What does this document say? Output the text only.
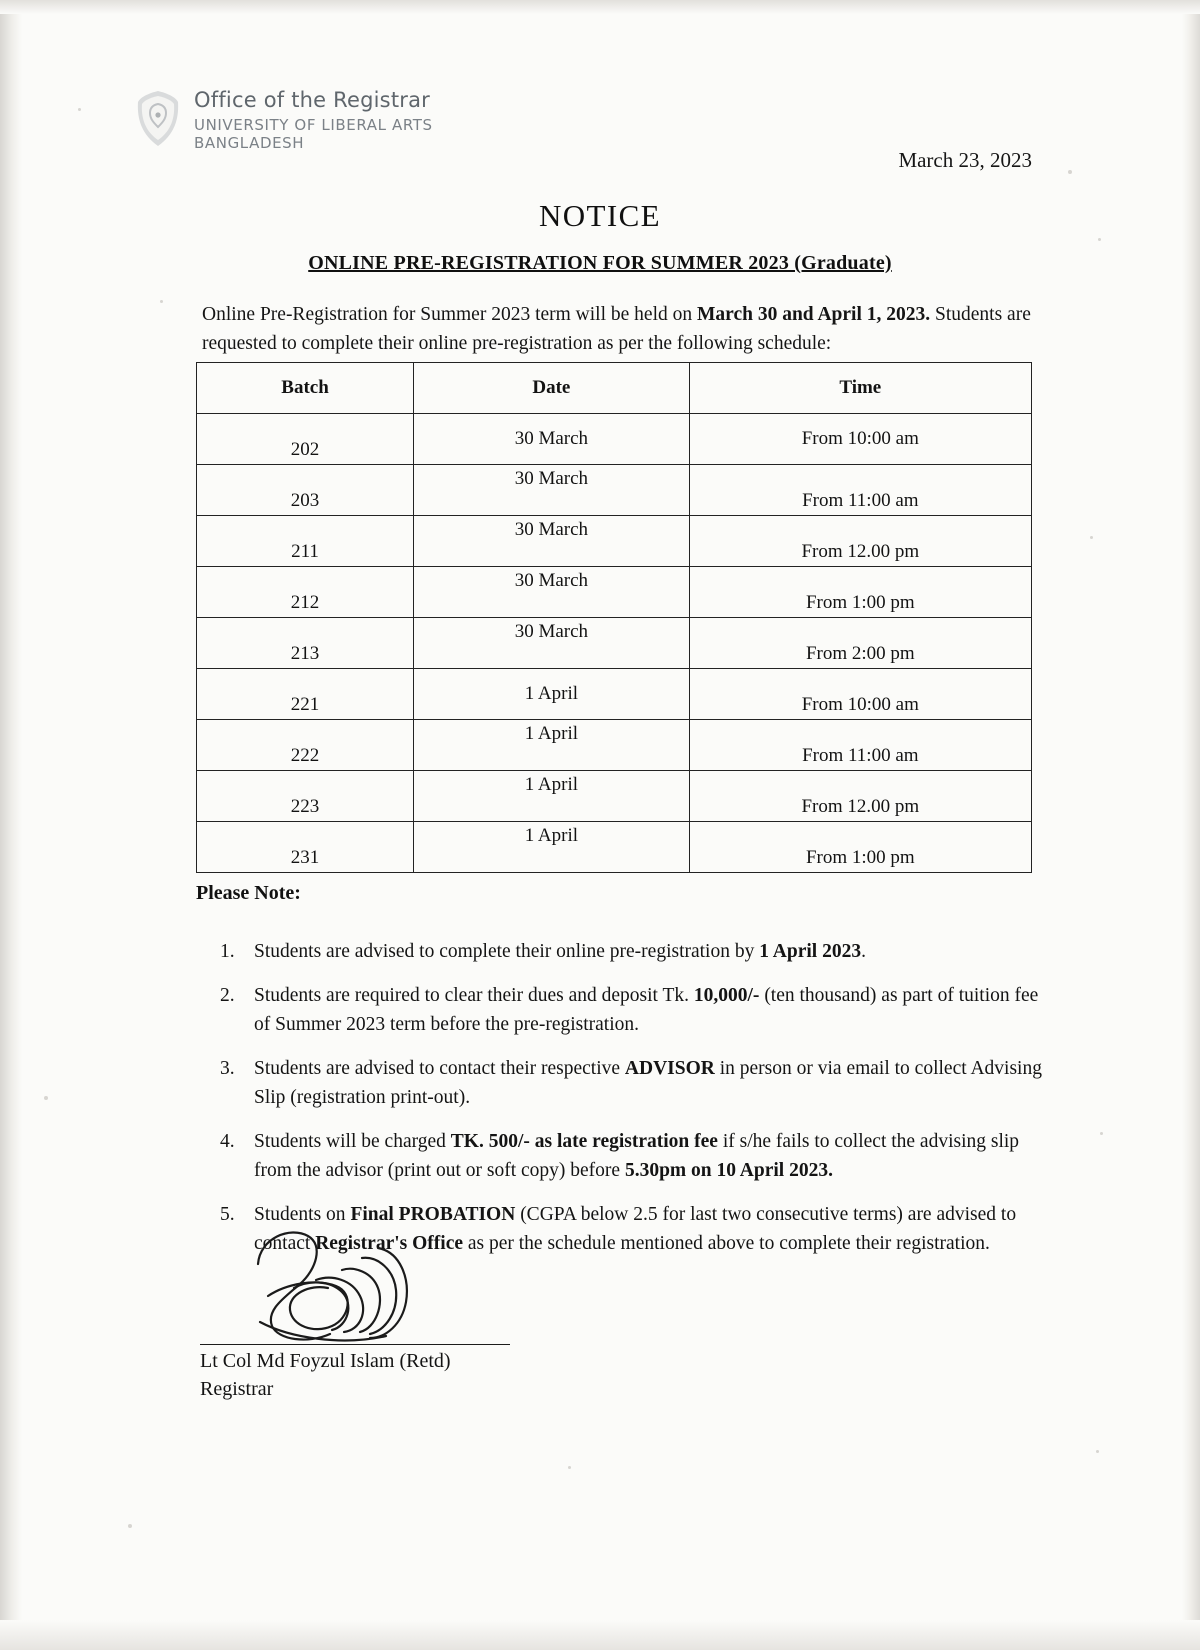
Office of the Registrar
UNIVERSITY OF LIBERAL ARTS
BANGLADESH
March 23, 2023
NOTICE
ONLINE PRE-REGISTRATION FOR SUMMER 2023 (Graduate)
Online Pre-Registration for Summer 2023 term will be held on March 30 and April 1, 2023. Students are requested to complete their online pre-registration as per the following schedule:
Batch	Date	Time
202	30 March	From 10:00 am
203	30 March	From 11:00 am
211	30 March	From 12.00 pm
212	30 March	From 1:00 pm
213	30 March	From 2:00 pm
221	1 April	From 10:00 am
222	1 April	From 11:00 am
223	1 April	From 12.00 pm
231	1 April	From 1:00 pm
Please Note:
1. Students are advised to complete their online pre-registration by 1 April 2023.
2. Students are required to clear their dues and deposit Tk. 10,000/- (ten thousand) as part of tuition fee of Summer 2023 term before the pre-registration.
3. Students are advised to contact their respective ADVISOR in person or via email to collect Advising Slip (registration print-out).
4. Students will be charged TK. 500/- as late registration fee if s/he fails to collect the advising slip from the advisor (print out or soft copy) before 5.30pm on 10 April 2023.
5. Students on Final PROBATION (CGPA below 2.5 for last two consecutive terms) are advised to contact Registrar's Office as per the schedule mentioned above to complete their registration.
Lt Col Md Foyzul Islam (Retd)
Registrar
